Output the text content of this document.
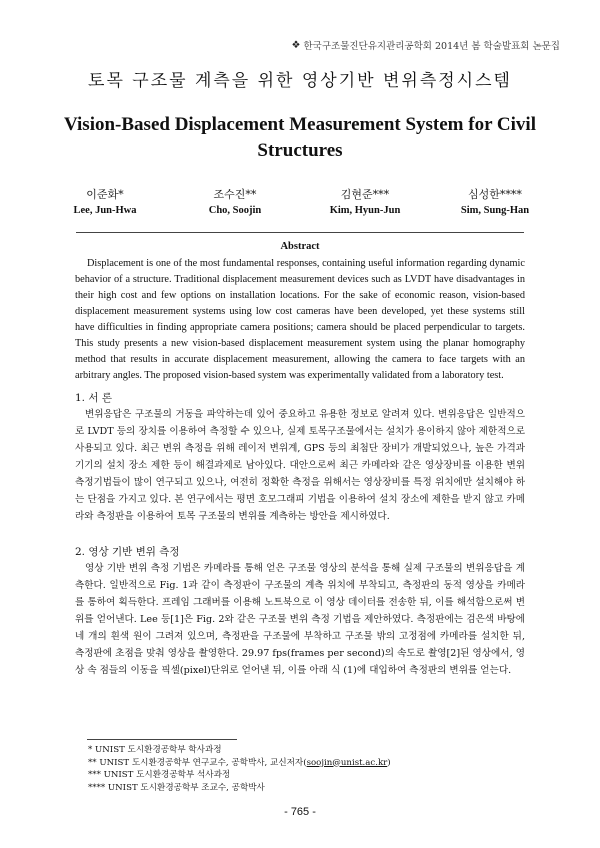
❖ 한국구조물진단유지관리공학회 2014년 봄 학술발표회 논문집
토목 구조물 계측을 위한 영상기반 변위측정시스템
Vision-Based Displacement Measurement System for Civil Structures
이준화*
Lee, Jun-Hwa
조수진**
Cho, Soojin
김현준***
Kim, Hyun-Jun
심성한****
Sim, Sung-Han
Abstract

Displacement is one of the most fundamental responses, containing useful information regarding dynamic behavior of a structure. Traditional displacement measurement devices such as LVDT have disadvantages in their high cost and few options on installation locations. For the sake of economic reason, vision-based displacement measurement systems using low cost cameras have been developed, yet these systems still have difficulties in finding appropriate camera positions; camera should be placed perpendicular to targets. This study presents a new vision-based displacement measurement system using the planar homography method that results in accurate displacement measurement, allowing the camera to face targets with an arbitrary angles. The proposed vision-based system was experimentally validated from a laboratory test.

1. 서 론

변위응답은 구조물의 거동을 파악하는데 있어 중요하고 유용한 정보로 알려져 있다. 변위응답은 일반적으로 LVDT 등의 장치를 이용하여 측정할 수 있으나, 실제 토목구조물에서는 설치가 용이하지 않아 제한적으로 사용되고 있다. 최근 변위 측정을 위해 레이저 변위계, GPS 등의 최첨단 장비가 개발되었으나, 높은 가격과 기기의 설치 장소 제한 등이 해결과제로 남아있다. 대안으로써 최근 카메라와 같은 영상장비를 이용한 변위 측정기법들이 많이 연구되고 있으나, 여전히 정확한 측정을 위해서는 영상장비를 특정 위치에만 설치해야 하는 단점을 가지고 있다. 본 연구에서는 평면 호모그래피 기법을 이용하여 설치 장소에 제한을 받지 않고 카메라와 측정판을 이용하여 토목 구조물의 변위를 계측하는 방안을 제시하였다.

2. 영상 기반 변위 측정

영상 기반 변위 측정 기법은 카메라를 통해 얻은 구조물 영상의 분석을 통해 실제 구조물의 변위응답을 계측한다. 일반적으로 Fig. 1과 같이 측정판이 구조물의 계측 위치에 부착되고, 측정판의 동적 영상을 카메라를 통하여 획득한다. 프레임 그래버를 이용해 노트북으로 이 영상 데이터를 전송한 뒤, 이를 해석함으로써 변위를 얻어낸다. Lee 등[1]은 Fig. 2와 같은 구조물 변위 측정 기법을 제안하였다. 측정판에는 검은색 바탕에 네 개의 흰색 원이 그려져 있으며, 측정판을 구조물에 부착하고 구조물 밖의 고정점에 카메라를 설치한 뒤, 측정판에 초점을 맞춰 영상을 촬영한다. 29.97 fps(frames per second)의 속도로 촬영[2]된 영상에서, 영상 속 점들의 이동을 픽셀(pixel)단위로 얻어낸 뒤, 이를 아래 식 (1)에 대입하여 측정판의 변위를 얻는다.

* UNIST 도시환경공학부 학사과정
** UNIST 도시환경공학부 연구교수, 공학박사, 교신저자(soojin@unist.ac.kr)
*** UNIST 도시환경공학부 석사과정
**** UNIST 도시환경공학부 조교수, 공학박사
- 765 -
